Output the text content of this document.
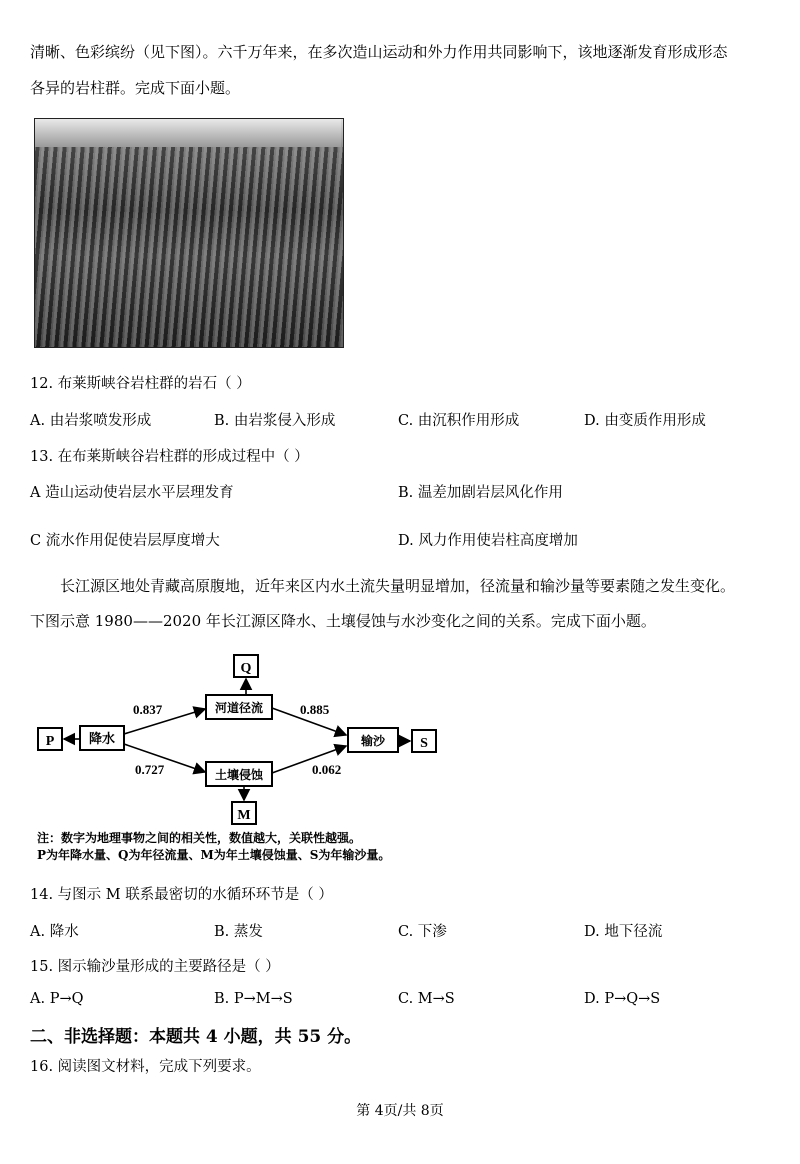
清晰、色彩缤纷（见下图）。六千万年来，在多次造山运动和外力作用共同影响下，该地逐渐发育形成形态
各异的岩柱群。完成下面小题。
12. 布莱斯峡谷岩柱群的岩石（ ）
A. 由岩浆喷发形成	B. 由岩浆侵入形成	C. 由沉积作用形成	D. 由变质作用形成
13. 在布莱斯峡谷岩柱群的形成过程中（ ）
A 造山运动使岩层水平层理发育	B. 温差加剧岩层风化作用
C 流水作用促使岩层厚度增大	D. 风力作用使岩柱高度增加
长江源区地处青藏高原腹地，近年来区内水土流失量明显增加，径流量和输沙量等要素随之发生变化。
下图示意 1980——2020 年长江源区降水、土壤侵蚀与水沙变化之间的关系。完成下面小题。
P	降水
Q
河道径流
土壤侵蚀
M
输沙	S
0.837	0.885
0.727	0.062
注：数字为地理事物之间的相关性，数值越大，关联性越强。
P为年降水量、Q为年径流量、M为年土壤侵蚀量、S为年输沙量。
14. 与图示 M 联系最密切的水循环环节是（ ）
A. 降水	B. 蒸发	C. 下渗	D. 地下径流
15. 图示输沙量形成的主要路径是（ ）
A. P→Q	B. P→M→S	C. M→S	D. P→Q→S
二、非选择题：本题共 4 小题，共 55 分。
16. 阅读图文材料，完成下列要求。
第 4页/共 8页
